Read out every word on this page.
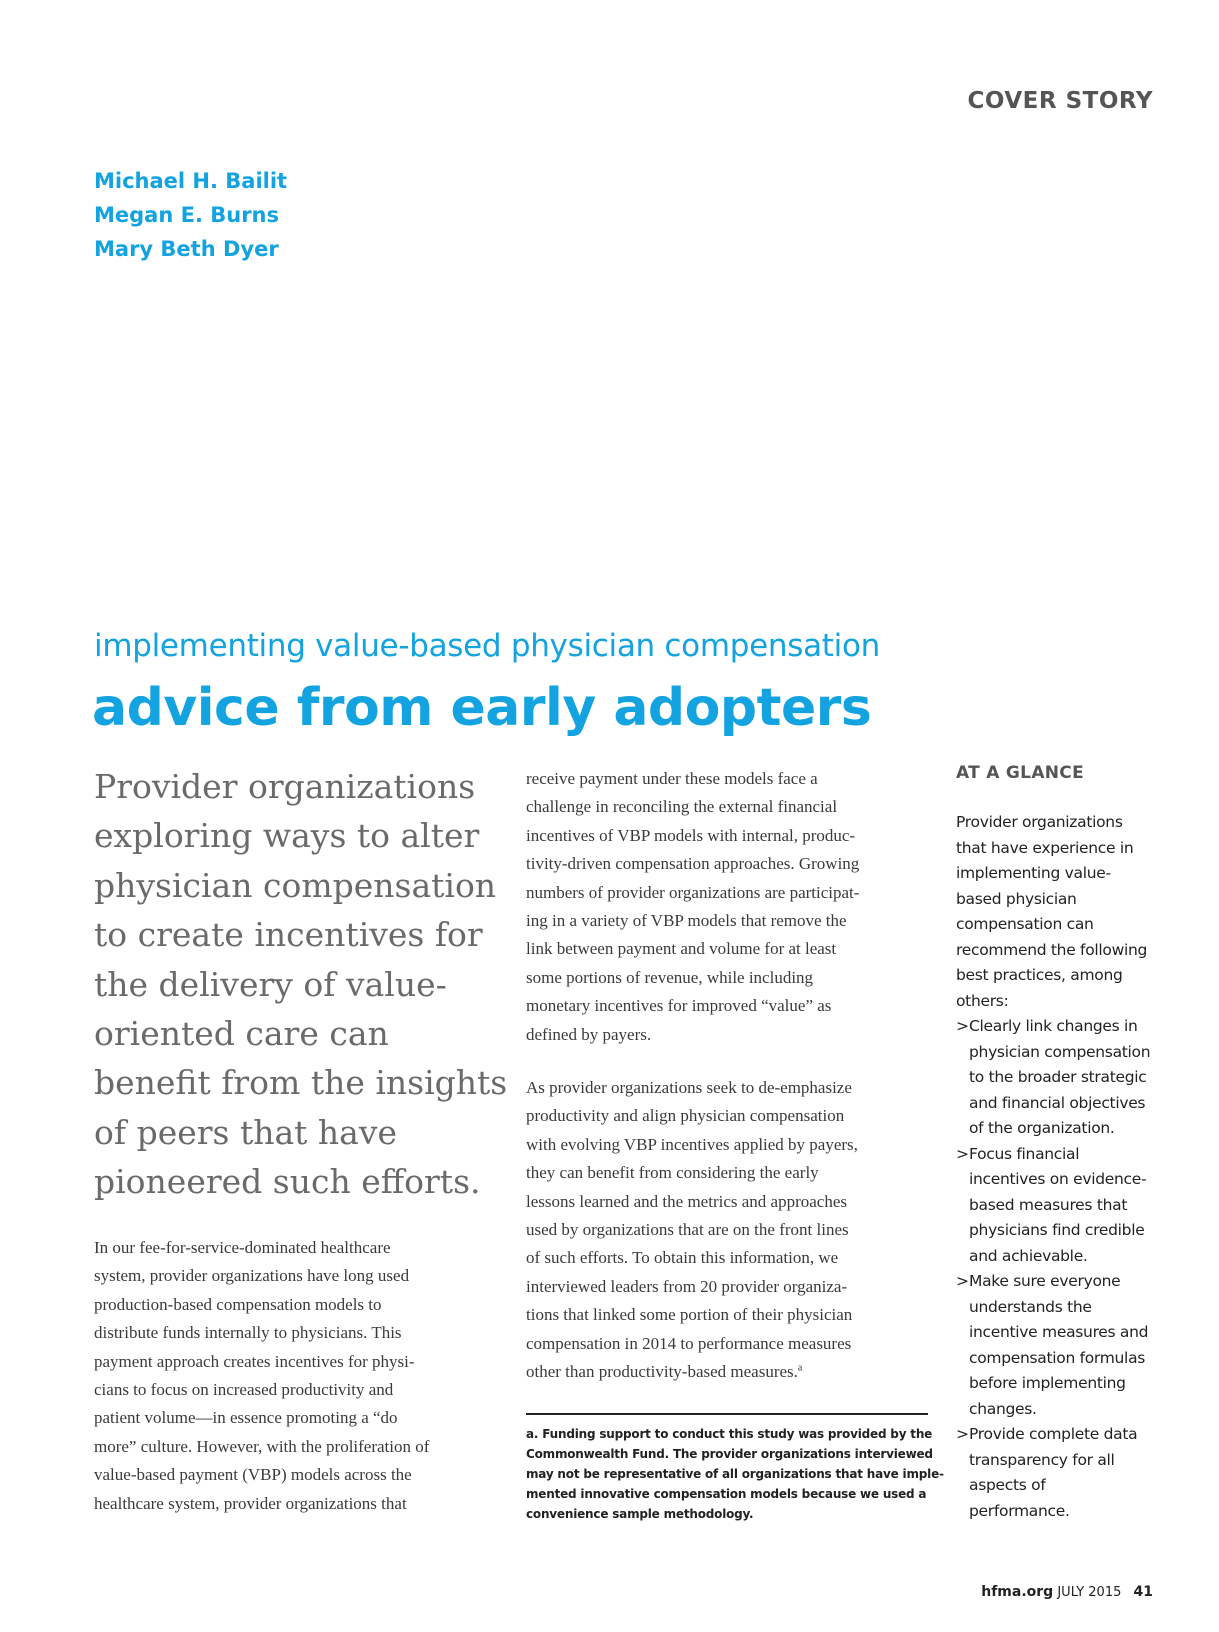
COVER STORY
Michael H. Bailit
Megan E. Burns
Mary Beth Dyer
implementing value-based physician compensation
advice from early adopters
Provider organizations
exploring ways to alter
physician compensation
to create incentives for
the delivery of value-
oriented care can
benefit from the insights
of peers that have
pioneered such efforts.
In our fee-for-service-dominated healthcare
system, provider organizations have long used
production-based compensation models to
distribute funds internally to physicians. This
payment approach creates incentives for physi-
cians to focus on increased productivity and
patient volume—in essence promoting a “do
more” culture. However, with the proliferation of
value-based payment (VBP) models across the
healthcare system, provider organizations that
receive payment under these models face a
challenge in reconciling the external financial
incentives of VBP models with internal, produc-
tivity-driven compensation approaches. Growing
numbers of provider organizations are participat-
ing in a variety of VBP models that remove the
link between payment and volume for at least
some portions of revenue, while including
monetary incentives for improved “value” as
defined by payers.
As provider organizations seek to de-emphasize
productivity and align physician compensation
with evolving VBP incentives applied by payers,
they can benefit from considering the early
lessons learned and the metrics and approaches
used by organizations that are on the front lines
of such efforts. To obtain this information, we
interviewed leaders from 20 provider organiza-
tions that linked some portion of their physician
compensation in 2014 to performance measures
other than productivity-based measures.$^a$
a. Funding support to conduct this study was provided by the
Commonwealth Fund. The provider organizations interviewed
may not be representative of all organizations that have imple-
mented innovative compensation models because we used a
convenience sample methodology.
AT A GLANCE
Provider organizations
that have experience in
implementing value-
based physician
compensation can
recommend the following
best practices, among
others:
> Clearly link changes in
physician compensation
to the broader strategic
and financial objectives
of the organization.
> Focus financial
incentives on evidence-
based measures that
physicians find credible
and achievable.
> Make sure everyone
understands the
incentive measures and
compensation formulas
before implementing
changes.
> Provide complete data
transparency for all
aspects of
performance.
hfma.org JULY 2015 41
